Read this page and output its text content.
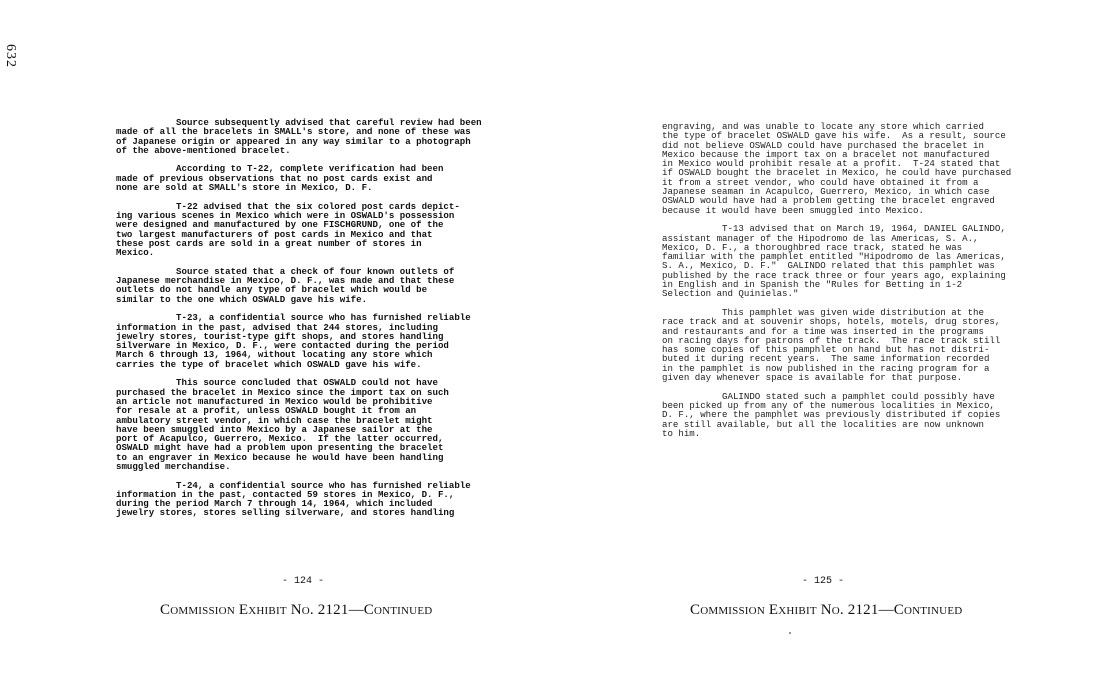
632
Source subsequently advised that careful review had been
made of all the bracelets in SMALL's store, and none of these was
of Japanese origin or appeared in any way similar to a photograph
of the above-mentioned bracelet.

According to T-22, complete verification had been
made of previous observations that no post cards exist and
none are sold at SMALL's store in Mexico, D. F.

T-22 advised that the six colored post cards depict-
ing various scenes in Mexico which were in OSWALD's possession
were designed and manufactured by one FISCHGRUND, one of the
two largest manufacturers of post cards in Mexico and that
these post cards are sold in a great number of stores in
Mexico.

Source stated that a check of four known outlets of
Japanese merchandise in Mexico, D. F., was made and that these
outlets do not handle any type of bracelet which would be
similar to the one which OSWALD gave his wife.

T-23, a confidential source who has furnished reliable
information in the past, advised that 244 stores, including
jewelry stores, tourist-type gift shops, and stores handling
silverware in Mexico, D. F., were contacted during the period
March 6 through 13, 1964, without locating any store which
carries the type of bracelet which OSWALD gave his wife.

This source concluded that OSWALD could not have
purchased the bracelet in Mexico since the import tax on such
an article not manufactured in Mexico would be prohibitive
for resale at a profit, unless OSWALD bought it from an
ambulatory street vendor, in which case the bracelet might
have been smuggled into Mexico by a Japanese sailor at the
port of Acapulco, Guerrero, Mexico.  If the latter occurred,
OSWALD might have had a problem upon presenting the bracelet
to an engraver in Mexico because he would have been handling
smuggled merchandise.

T-24, a confidential source who has furnished reliable
information in the past, contacted 59 stores in Mexico, D. F.,
during the period March 7 through 14, 1964, which included
jewelry stores, stores selling silverware, and stores handling
- 124 -
Commission Exhibit No. 2121—Continued
engraving, and was unable to locate any store which carried
the type of bracelet OSWALD gave his wife.  As a result, source
did not believe OSWALD could have purchased the bracelet in
Mexico because the import tax on a bracelet not manufactured
in Mexico would prohibit resale at a profit.  T-24 stated that
if OSWALD bought the bracelet in Mexico, he could have purchased
it from a street vendor, who could have obtained it from a
Japanese seaman in Acapulco, Guerrero, Mexico, in which case
OSWALD would have had a problem getting the bracelet engraved
because it would have been smuggled into Mexico.

T-13 advised that on March 19, 1964, DANIEL GALINDO,
assistant manager of the Hipodromo de las Americas, S. A.,
Mexico, D. F., a thoroughbred race track, stated he was
familiar with the pamphlet entitled "Hipodromo de las Americas,
S. A., Mexico, D. F."  GALINDO related that this pamphlet was
published by the race track three or four years ago, explaining
in English and in Spanish the "Rules for Betting in 1-2
Selection and Quinielas."

This pamphlet was given wide distribution at the
race track and at souvenir shops, hotels, motels, drug stores,
and restaurants and for a time was inserted in the programs
on racing days for patrons of the track.  The race track still
has some copies of this pamphlet on hand but has not distri-
buted it during recent years.  The same information recorded
in the pamphlet is now published in the racing program for a
given day whenever space is available for that purpose.

GALINDO stated such a pamphlet could possibly have
been picked up from any of the numerous localities in Mexico,
D. F., where the pamphlet was previously distributed if copies
are still available, but all the localities are now unknown
to him.
- 125 -
Commission Exhibit No. 2121—Continued
